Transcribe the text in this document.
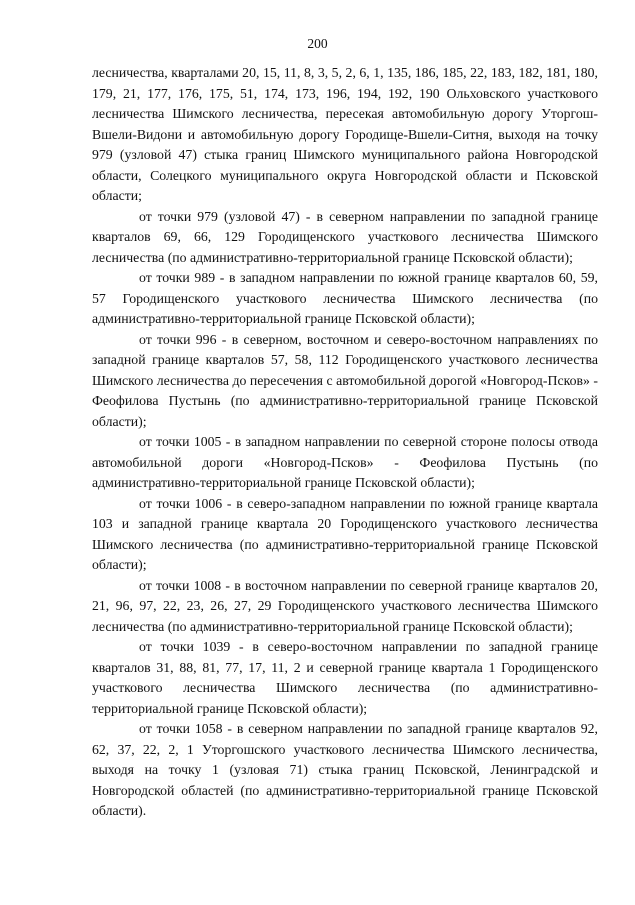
200

лесничества, кварталами 20, 15, 11, 8, 3, 5, 2, 6, 1, 135, 186, 185, 22, 183, 182, 181, 180, 179, 21, 177, 176, 175, 51, 174, 173, 196, 194, 192, 190 Ольховского участкового лесничества Шимского лесничества, пересекая автомобильную дорогу Уторгош-Вшели-Видони и автомобильную дорогу Городище-Вшели-Ситня, выходя на точку 979 (узловой 47) стыка границ Шимского муниципального района Новгородской области, Солецкого муниципального округа Новгородской области и Псковской области;

от точки 979 (узловой 47) - в северном направлении по западной границе кварталов 69, 66, 129 Городищенского участкового лесничества Шимского лесничества (по административно-территориальной границе Псковской области);

от точки 989 - в западном направлении по южной границе кварталов 60, 59, 57 Городищенского участкового лесничества Шимского лесничества (по административно-территориальной границе Псковской области);

от точки 996 - в северном, восточном и северо-восточном направлениях по западной границе кварталов 57, 58, 112 Городищенского участкового лесничества Шимского лесничества до пересечения с автомобильной дорогой «Новгород-Псков» - Феофилова Пустынь (по административно-территориальной границе Псковской области);

от точки 1005 - в западном направлении по северной стороне полосы отвода автомобильной дороги «Новгород-Псков» - Феофилова Пустынь (по административно-территориальной границе Псковской области);

от точки 1006 - в северо-западном направлении по южной границе квартала 103 и западной границе квартала 20 Городищенского участкового лесничества Шимского лесничества (по административно-территориальной границе Псковской области);

от точки 1008 - в восточном направлении по северной границе кварталов 20, 21, 96, 97, 22, 23, 26, 27, 29 Городищенского участкового лесничества Шимского лесничества (по административно-территориальной границе Псковской области);

от точки 1039 - в северо-восточном направлении по западной границе кварталов 31, 88, 81, 77, 17, 11, 2 и северной границе квартала 1 Городищенского участкового лесничества Шимского лесничества (по административно-территориальной границе Псковской области);

от точки 1058 - в северном направлении по западной границе кварталов 92, 62, 37, 22, 2, 1 Уторгошского участкового лесничества Шимского лесничества, выходя на точку 1 (узловая 71) стыка границ Псковской, Ленинградской и Новгородской областей (по административно-территориальной границе Псковской области).
